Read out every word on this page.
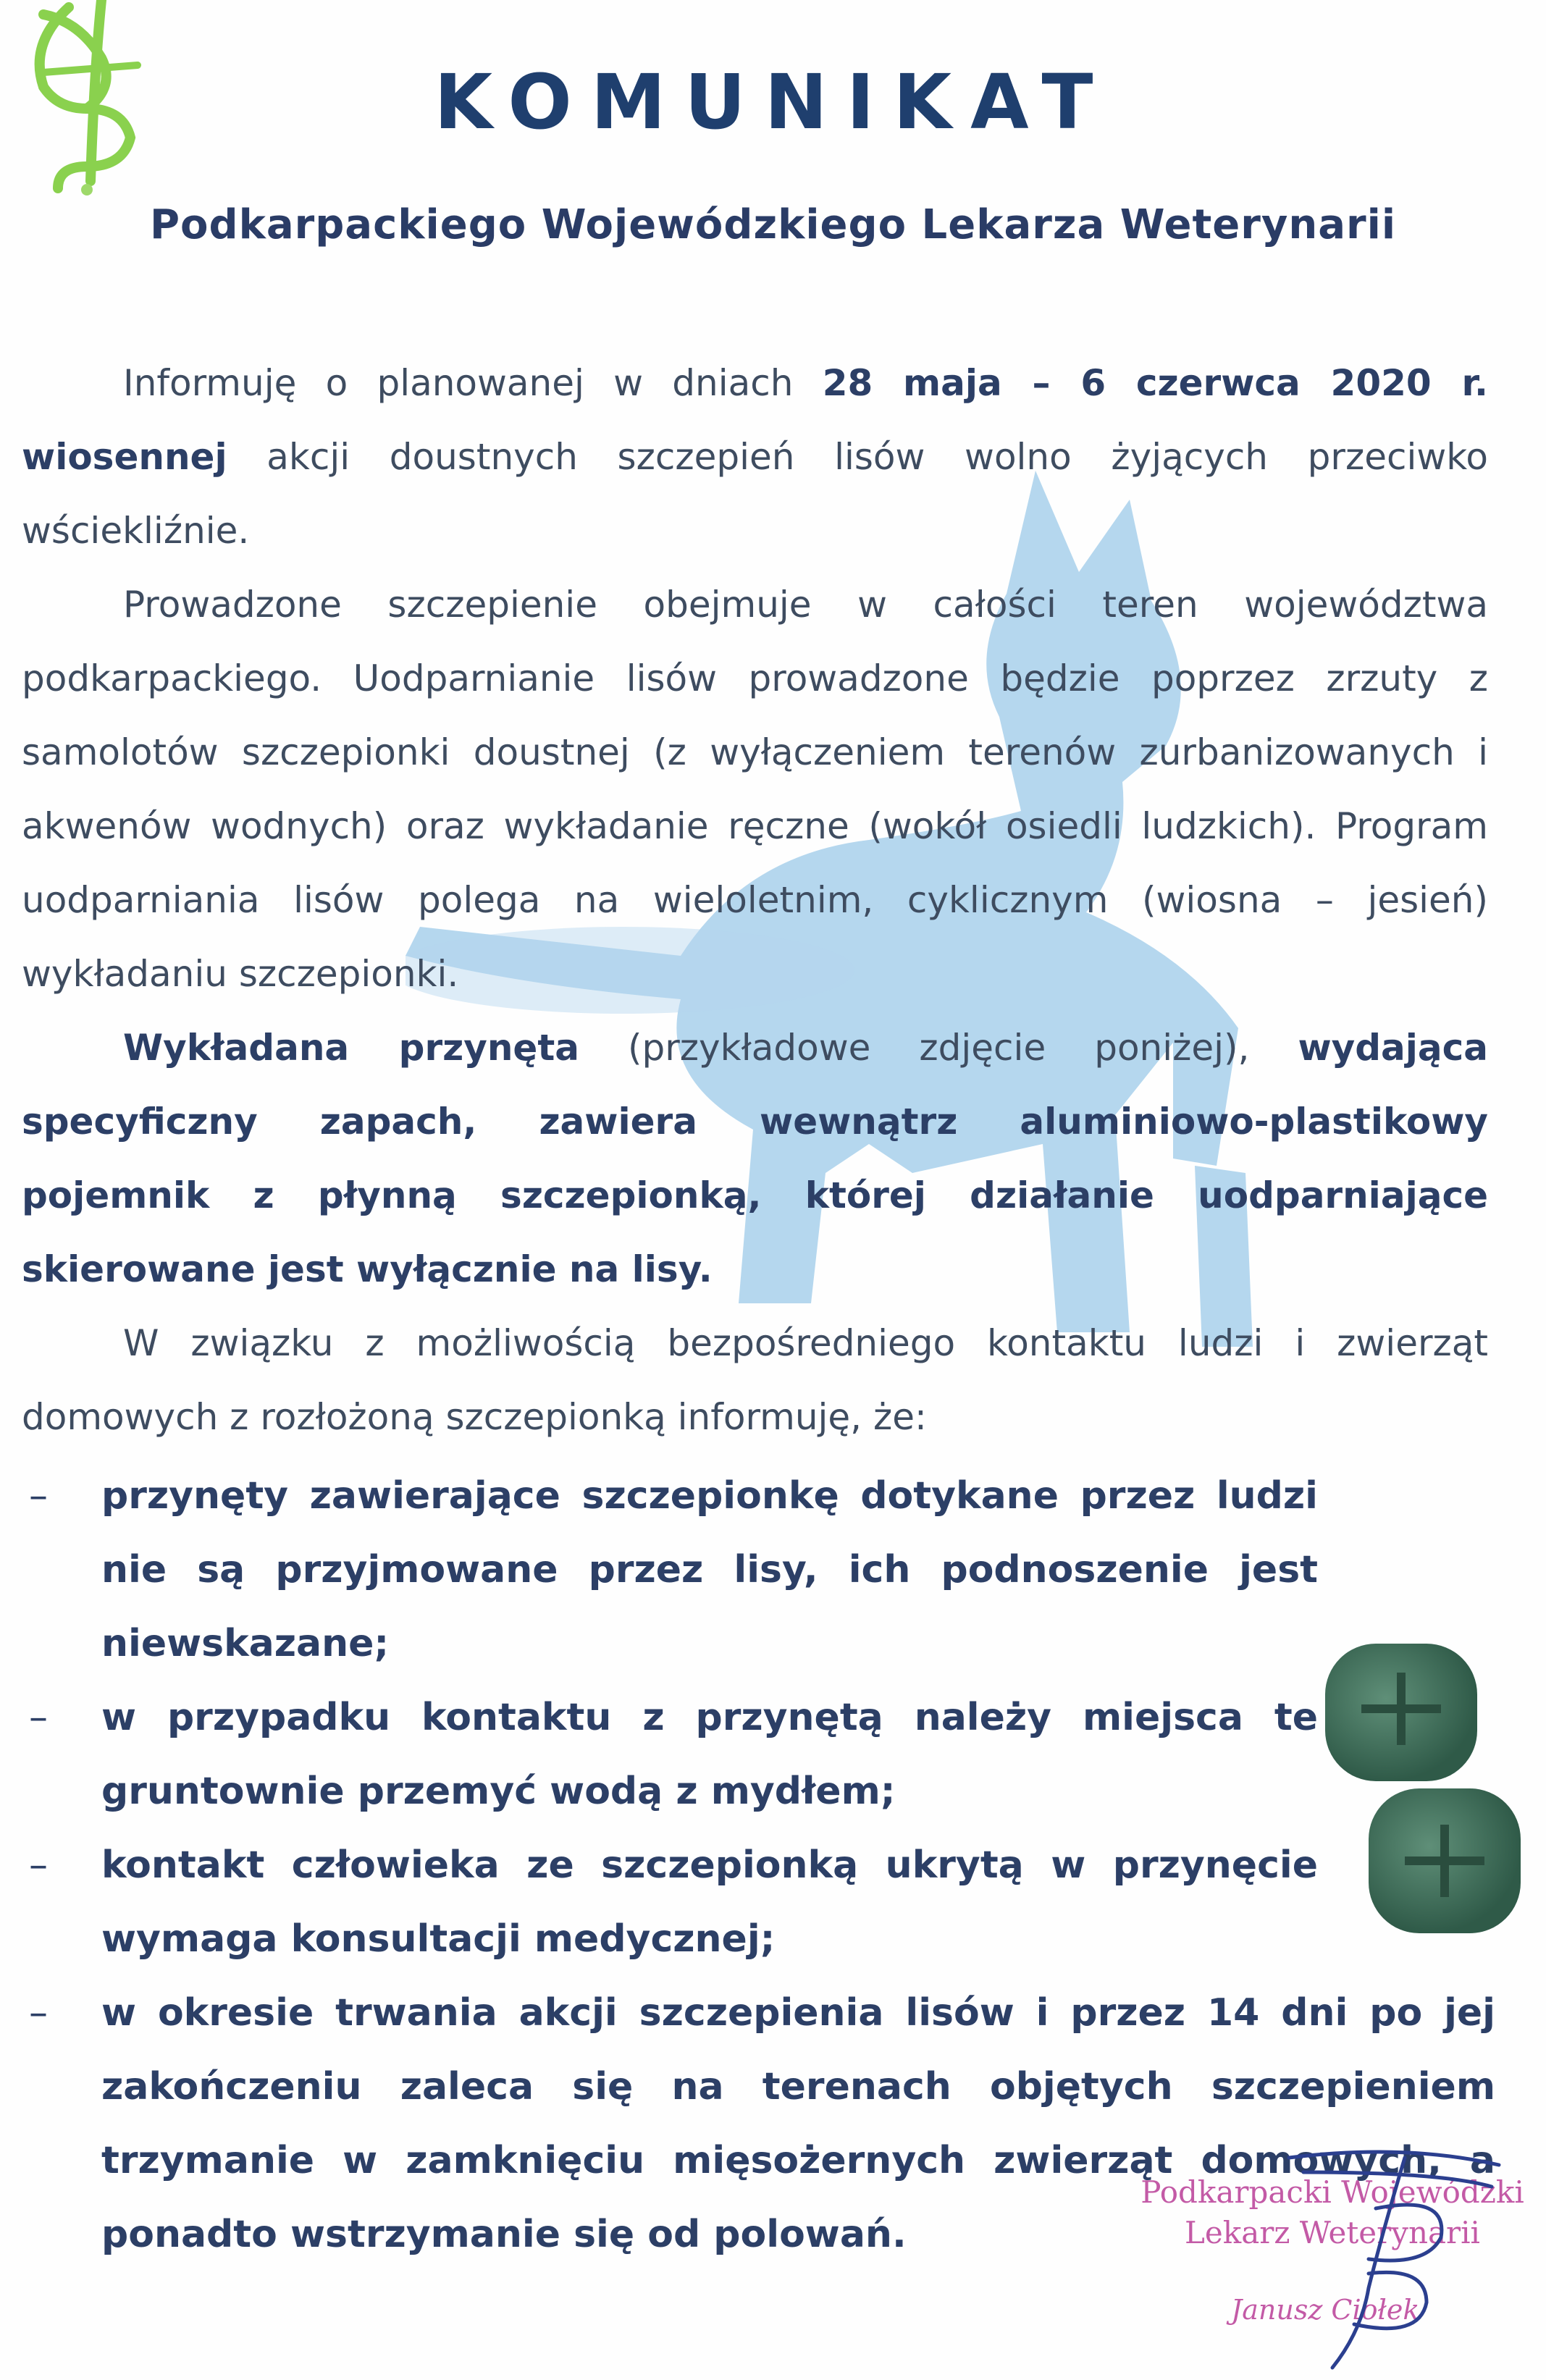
KOMUNIKAT
Podkarpackiego Wojewódzkiego Lekarza Weterynarii

Informuję o planowanej w dniach 28 maja – 6 czerwca 2020 r. wiosennej akcji doustnych szczepień lisów wolno żyjących przeciwko wściekliźnie.

Prowadzone szczepienie obejmuje w całości teren województwa podkarpackiego. Uodparnianie lisów prowadzone będzie poprzez zrzuty z samolotów szczepionki doustnej (z wyłączeniem terenów zurbanizowanych i akwenów wodnych) oraz wykładanie ręczne (wokół osiedli ludzkich). Program uodparniania lisów polega na wieloletnim, cyklicznym (wiosna – jesień) wykładaniu szczepionki.

Wykładana przynęta (przykładowe zdjęcie poniżej), wydająca specyficzny zapach, zawiera wewnątrz aluminiowo-plastikowy pojemnik z płynną szczepionką, której działanie uodparniające skierowane jest wyłącznie na lisy.

W związku z możliwością bezpośredniego kontaktu ludzi i zwierząt domowych z rozłożoną szczepionką informuję, że:

– przynęty zawierające szczepionkę dotykane przez ludzi nie są przyjmowane przez lisy, ich podnoszenie jest niewskazane;
– w przypadku kontaktu z przynętą należy miejsca te gruntownie przemyć wodą z mydłem;
– kontakt człowieka ze szczepionką ukrytą w przynęcie wymaga konsultacji medycznej;
– w okresie trwania akcji szczepienia lisów i przez 14 dni po jej zakończeniu zaleca się na terenach objętych szczepieniem trzymanie w zamknięciu mięsożernych zwierząt domowych, a ponadto wstrzymanie się od polowań.
Podkarpacki Wojewódzki
Lekarz Weterynarii
Janusz Ciołek
